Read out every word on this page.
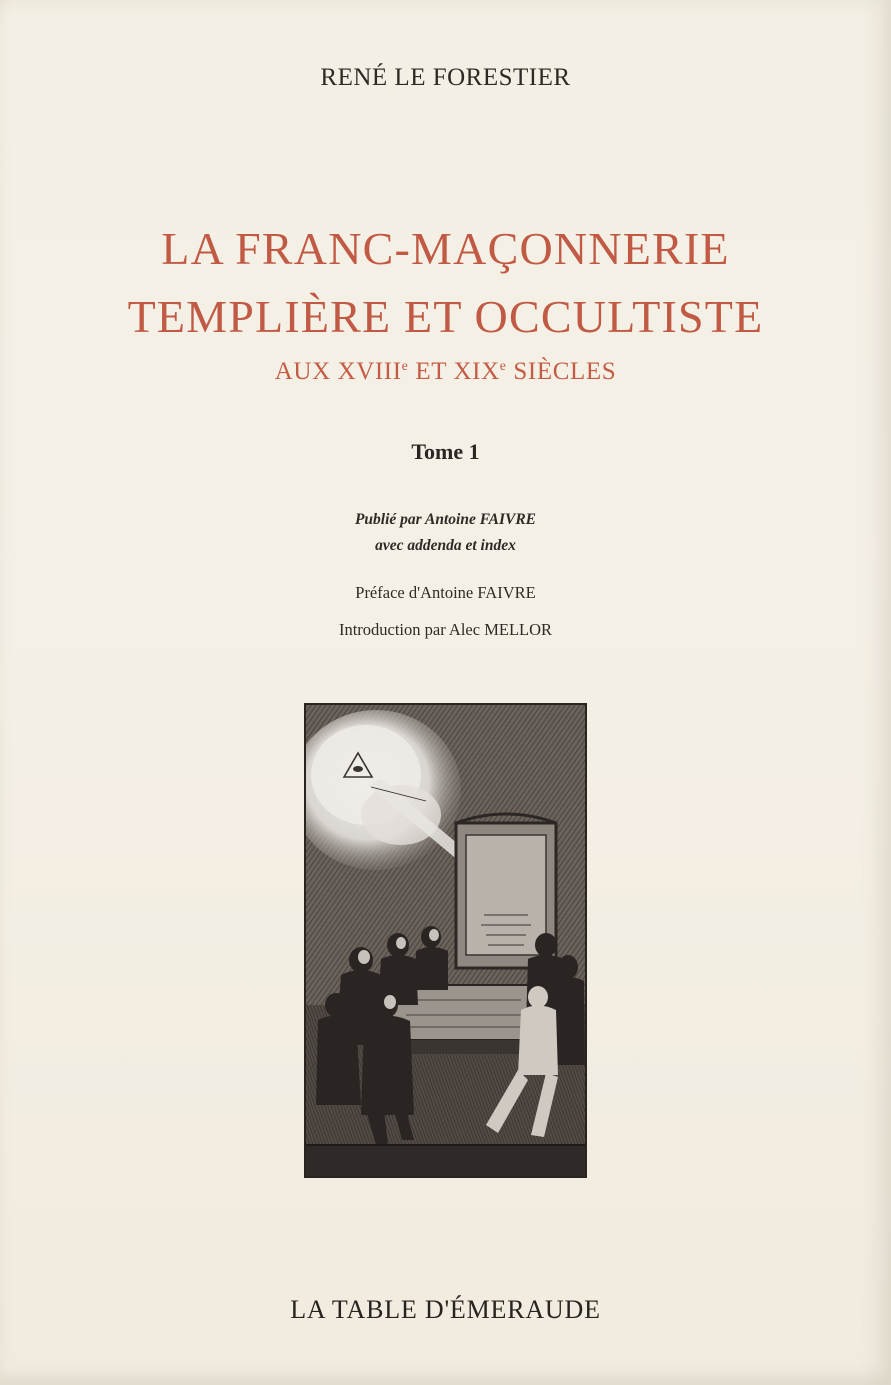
RENÉ LE FORESTIER
LA FRANC-MAÇONNERIE
TEMPLIÈRE ET OCCULTISTE
AUX XVIIIe ET XIXe SIÈCLES
Tome 1
Publié par Antoine FAIVRE
avec addenda et index
Préface d'Antoine FAIVRE
Introduction par Alec MELLOR
LA TABLE D'ÉMERAUDE
